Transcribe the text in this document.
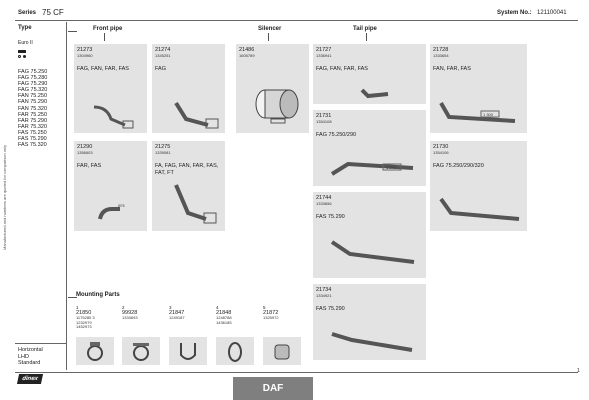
Series 75 CF	System No.: 121100041
Manufactured and numbers are quoted for comparison only
Type
Euro II
FAG 75.250
FAG 75.280
FAG 75.290
FAG 75.320
FAN 75.250
FAN 75.290
FAN 75.320
FAR 75.250
FAR 75.290
FAR 75.320
FAS 75.250
FAS 75.290
FAS 75.320
Horizontal
LHD
Standard
Front pipe	Silencer	Tail pipe
21273
1304960
FAG, FAN, FAR, FAS
21274
1345251
FAG
21486
1605789
21727
1336941
FAG, FAN, FAR, FAS
21728
1333654
FAN, FAR, FAS
1 300
21731
1354108
FAG 75.250/290
1 240
21290
1356603
FAR, FAS
Ø76
21275
1339081
FA, FAG, FAN, FAR, FAS, FAT, FT
21730
1354106
FAG 75.250/290/320
21744
1333656
FAS 75.290
21734
1334921
FAS 75.290
Mounting Parts
1
21850
1175280 3
1232979
1452973
2
99928
1333693
3
21847
1249187
4
21848
1248788
1436185
5
21872
1325972
dinex
DAF
1
